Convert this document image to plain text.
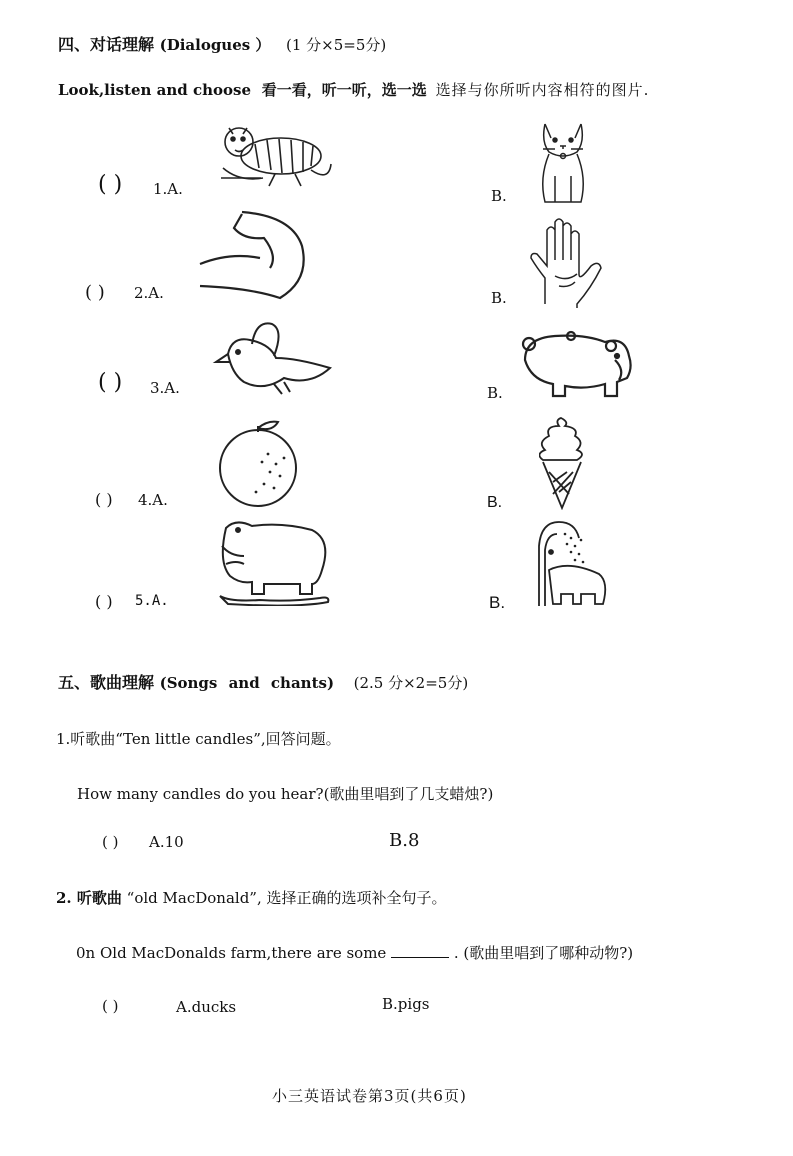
四、对话理解 (Dialogues ） (1 分×5=5分)
Look,listen and choose 看一看，听一听，选一选 选择与你所听内容相符的图片.
( ) 1.A.	B.
( ) 2.A.	B.
( ) 3.A.	B.
( ) 4.A.	B.
( ) 5.A.	B.
五、歌曲理解 (Songs and chants) (2.5 分×2=5分)
1.听歌曲“Ten little candles”,回答问题。
How many candles do you hear?(歌曲里唱到了几支蜡烛?)
( ) A.10	B.8
2. 听歌曲 “old MacDonald”, 选择正确的选项补全句子。
0n Old MacDonalds farm,there are some	. (歌曲里唱到了哪种动物?)
( )	A.ducks	B.pigs
小三英语试卷第3页(共6页)
